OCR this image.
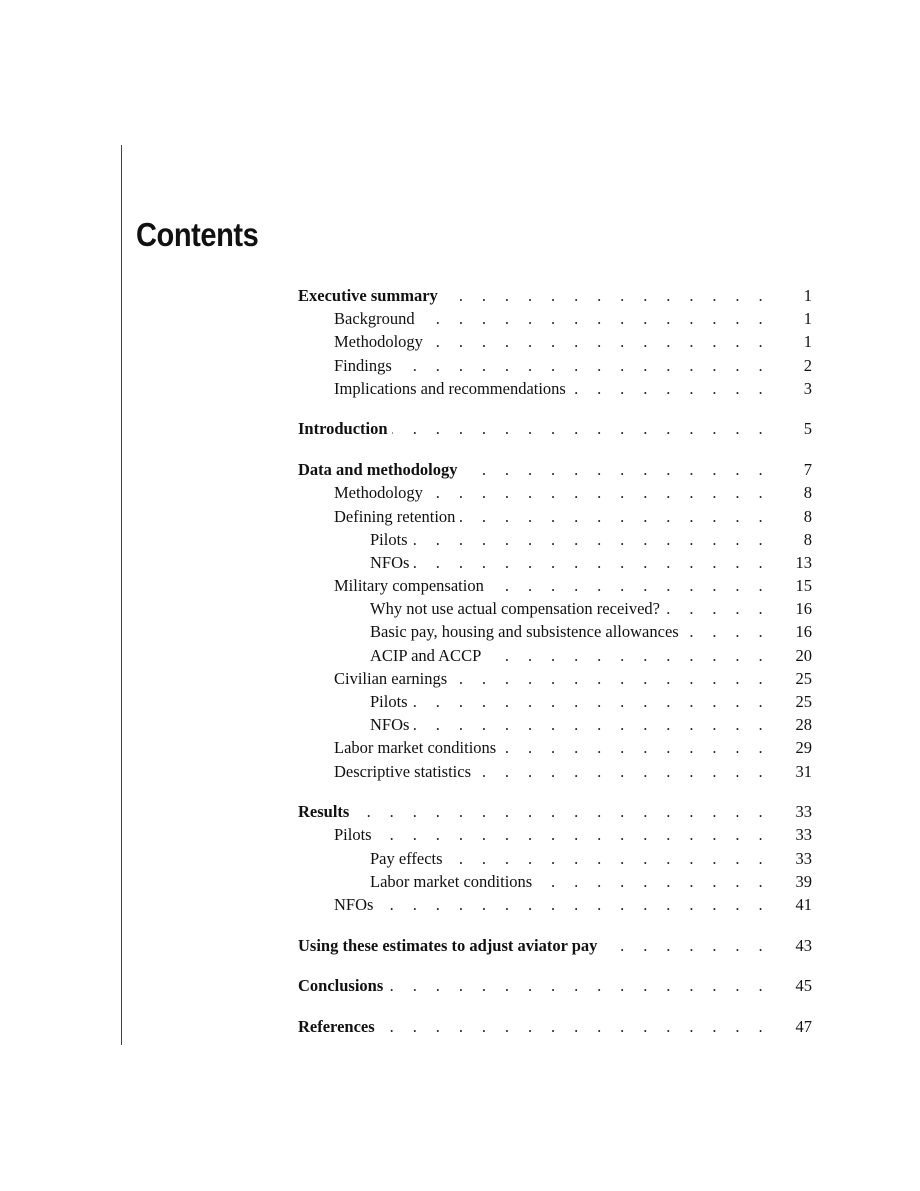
Contents
Executive summary . . .	1
Background . . .	1
Methodology . . .	1
Findings . . .	2
Implications and recommendations . . .	3
Introduction . . .	5
Data and methodology . . .	7
Methodology . . .	8
Defining retention . . .	8
Pilots . . .	8
NFOs . . .	13
Military compensation . . .	15
Why not use actual compensation received? . . .	16
Basic pay, housing and subsistence allowances . . .	16
ACIP and ACCP . . .	20
Civilian earnings . . .	25
Pilots . . .	25
NFOs . . .	28
Labor market conditions . . .	29
Descriptive statistics . . .	31
Results . . .	33
Pilots . . .	33
Pay effects . . .	33
Labor market conditions . . .	39
NFOs . . .	41
Using these estimates to adjust aviator pay . . .	43
Conclusions . . .	45
References . . .	47
